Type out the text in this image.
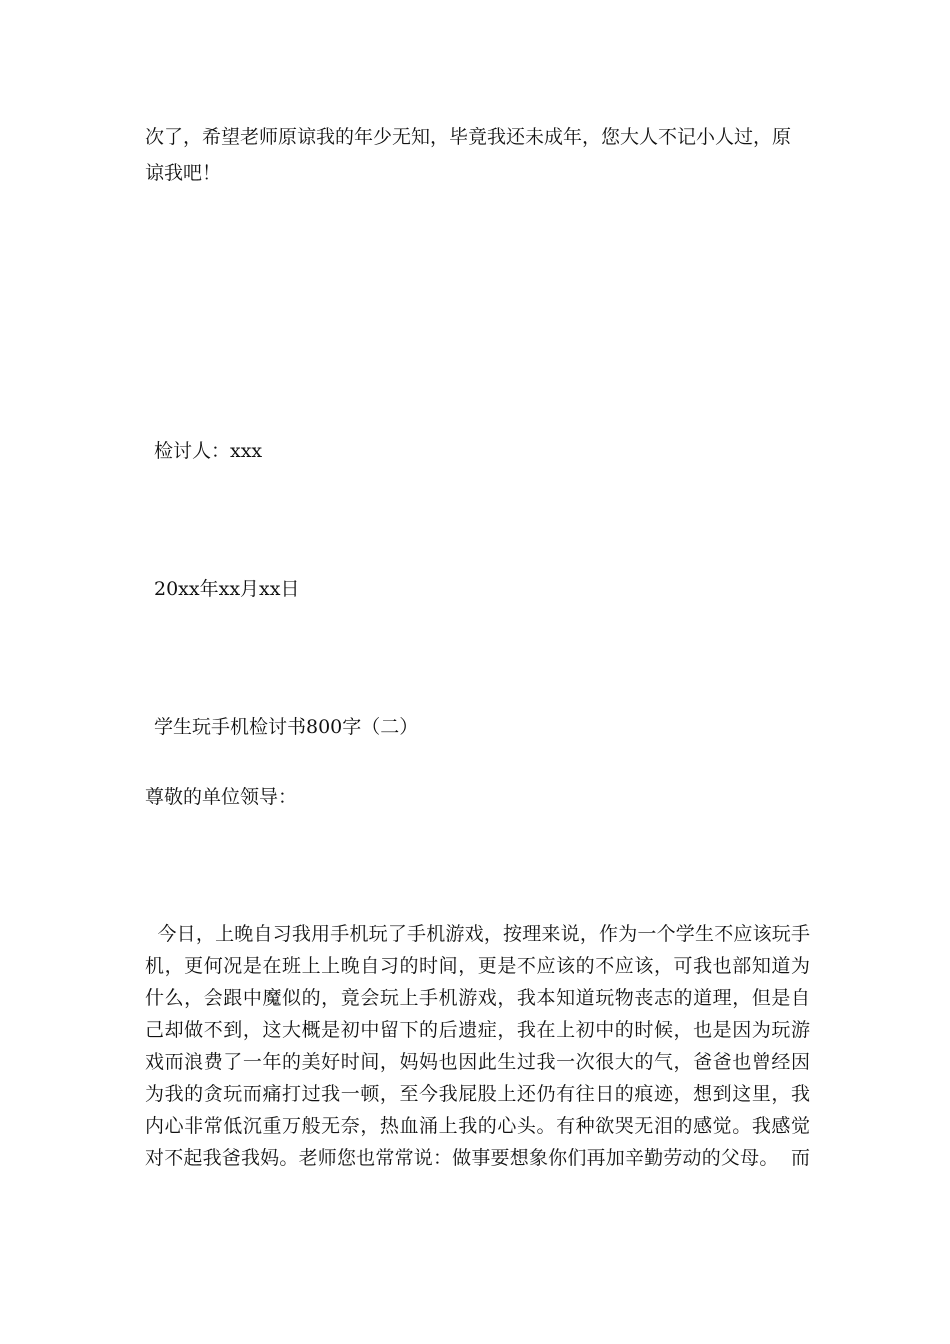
次了，希望老师原谅我的年少无知，毕竟我还未成年，您大人不记小人过，原

谅我吧！

检讨人：xxx

20xx年xx月xx日

学生玩手机检讨书800字（二）

尊敬的单位领导：

今日，上晚自习我用手机玩了手机游戏，按理来说，作为一个学生不应该玩手
机，更何况是在班上上晚自习的时间，更是不应该的不应该，可我也部知道为
什么，会跟中魔似的，竟会玩上手机游戏，我本知道玩物丧志的道理，但是自
己却做不到，这大概是初中留下的后遗症，我在上初中的时候，也是因为玩游
戏而浪费了一年的美好时间，妈妈也因此生过我一次很大的气，爸爸也曾经因
为我的贪玩而痛打过我一顿，至今我屁股上还仍有往日的痕迹，想到这里，我
内心非常低沉重万般无奈，热血涌上我的心头。有种欲哭无泪的感觉。我感觉
对不起我爸我妈。老师您也常常说：做事要想象你们再加辛勤劳动的父母。  而
